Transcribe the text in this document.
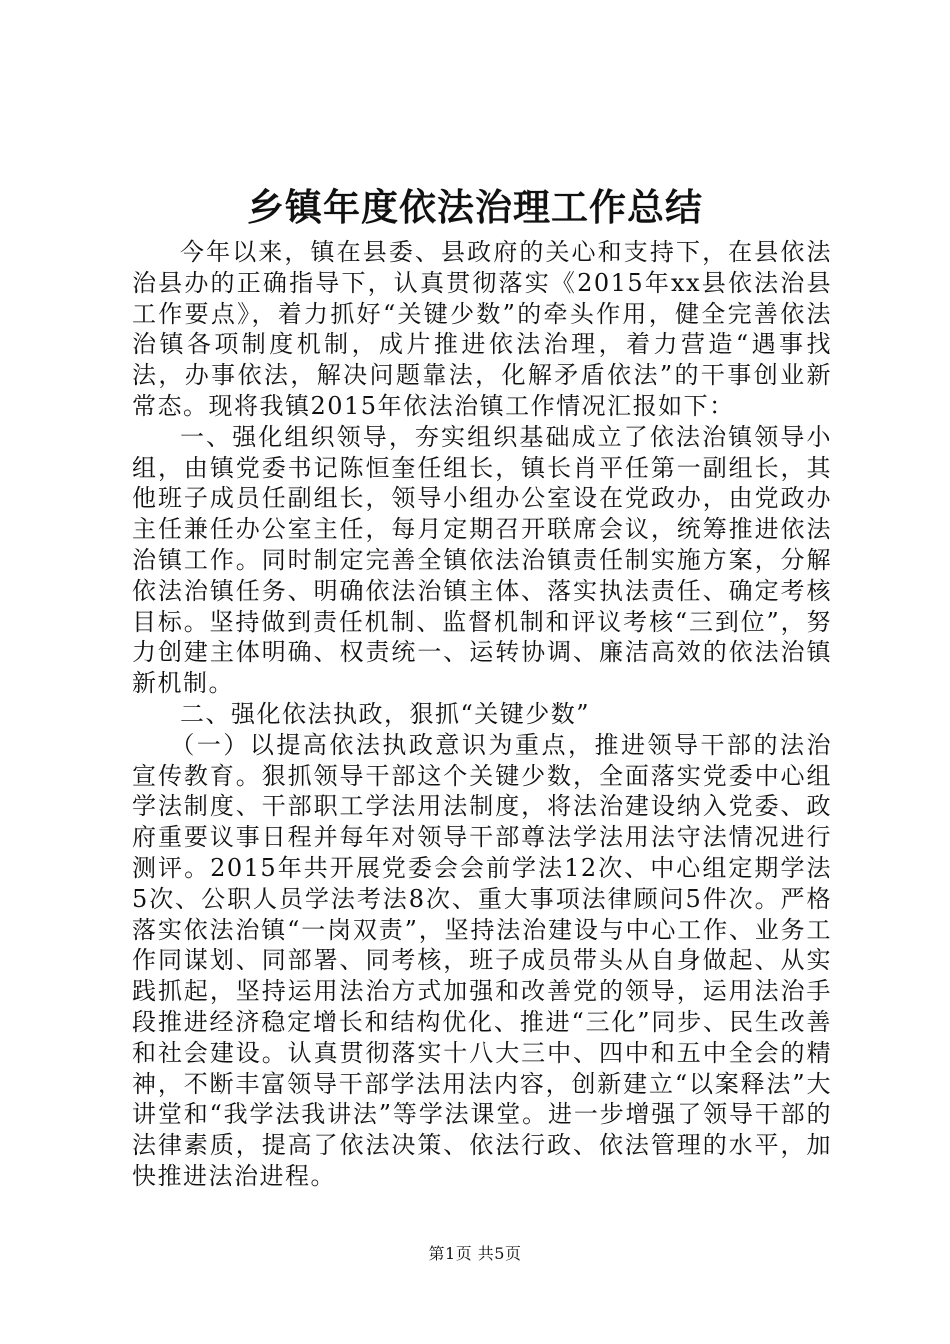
乡镇年度依法治理工作总结

今年以来，镇在县委、县政府的关心和支持下，在县依法治县办的正确指导下，认真贯彻落实《2015年xx县依法治县工作要点》，着力抓好“关键少数”的牵头作用，健全完善依法治镇各项制度机制，成片推进依法治理，着力营造“遇事找法，办事依法，解决问题靠法，化解矛盾依法”的干事创业新常态。现将我镇2015年依法治镇工作情况汇报如下：

一、强化组织领导，夯实组织基础成立了依法治镇领导小组，由镇党委书记陈恒奎任组长，镇长肖平任第一副组长，其他班子成员任副组长，领导小组办公室设在党政办，由党政办主任兼任办公室主任，每月定期召开联席会议，统筹推进依法治镇工作。同时制定完善全镇依法治镇责任制实施方案，分解依法治镇任务、明确依法治镇主体、落实执法责任、确定考核目标。坚持做到责任机制、监督机制和评议考核“三到位”，努力创建主体明确、权责统一、运转协调、廉洁高效的依法治镇新机制。

二、强化依法执政，狠抓“关键少数”

（一）以提高依法执政意识为重点，推进领导干部的法治宣传教育。狠抓领导干部这个关键少数，全面落实党委中心组学法制度、干部职工学法用法制度，将法治建设纳入党委、政府重要议事日程并每年对领导干部尊法学法用法守法情况进行测评。2015年共开展党委会会前学法12次、中心组定期学法5次、公职人员学法考法8次、重大事项法律顾问5件次。严格落实依法治镇“一岗双责”，坚持法治建设与中心工作、业务工作同谋划、同部署、同考核，班子成员带头从自身做起、从实践抓起，坚持运用法治方式加强和改善党的领导，运用法治手段推进经济稳定增长和结构优化、推进“三化”同步、民生改善和社会建设。认真贯彻落实十八大三中、四中和五中全会的精神，不断丰富领导干部学法用法内容，创新建立“以案释法”大讲堂和“我学法我讲法”等学法课堂。进一步增强了领导干部的法律素质，提高了依法决策、依法行政、依法管理的水平，加快推进法治进程。

第1页 共5页
